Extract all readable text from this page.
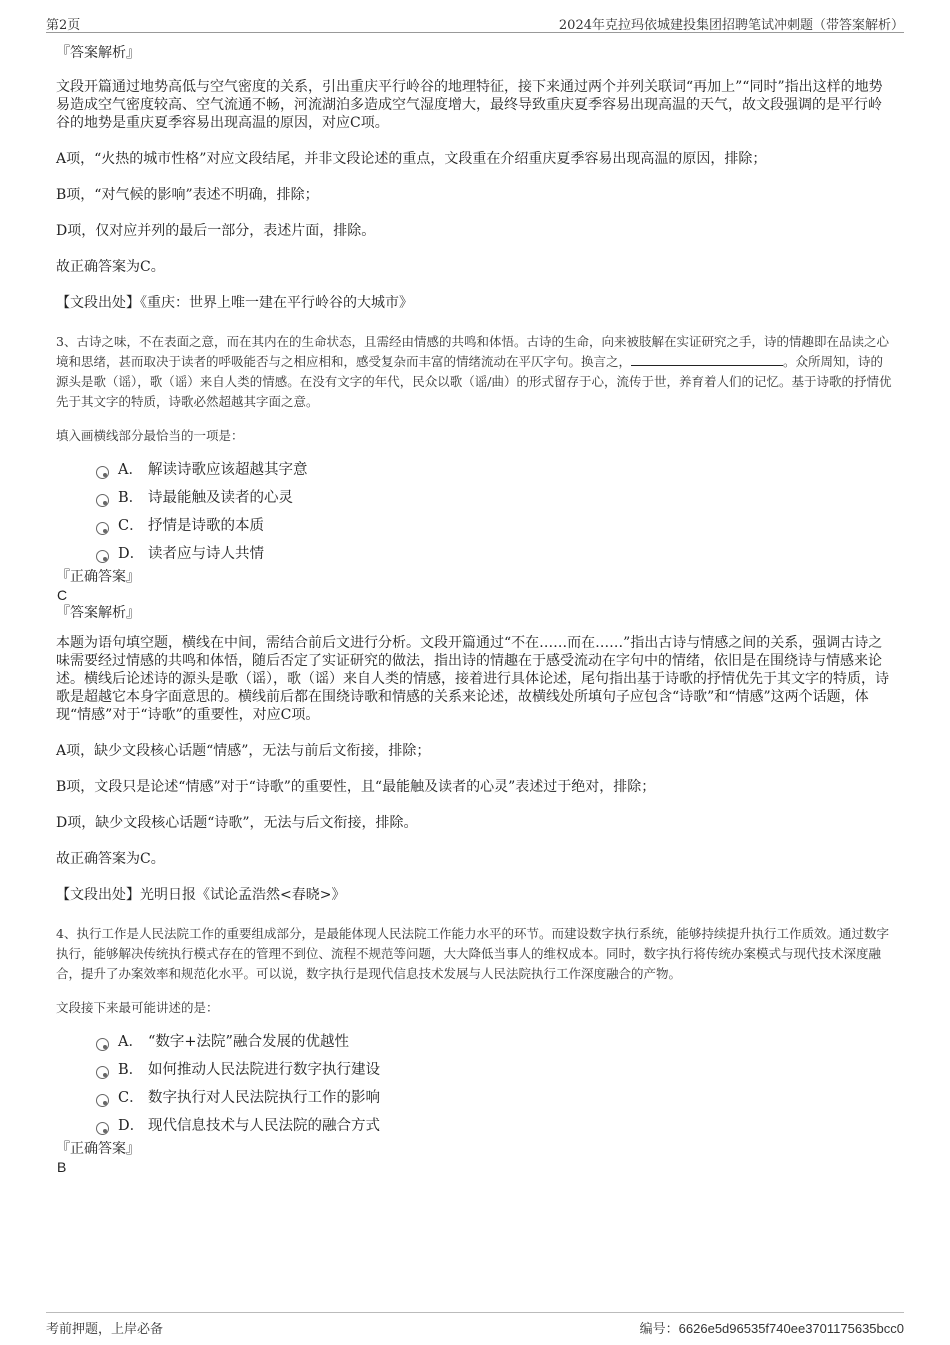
第2页	2024年克拉玛依城建投集团招聘笔试冲刺题（带答案解析）

『答案解析』

文段开篇通过地势高低与空气密度的关系，引出重庆平行岭谷的地理特征，接下来通过两个并列关联词“再加上”“同时”指出这样的地势易造成空气密度较高、空气流通不畅，河流湖泊多造成空气湿度增大，最终导致重庆夏季容易出现高温的天气，故文段强调的是平行岭谷的地势是重庆夏季容易出现高温的原因，对应C项。

A项，“火热的城市性格”对应文段结尾，并非文段论述的重点，文段重在介绍重庆夏季容易出现高温的原因，排除；

B项，“对气候的影响”表述不明确，排除；

D项，仅对应并列的最后一部分，表述片面，排除。

故正确答案为C。

【文段出处】《重庆：世界上唯一建在平行岭谷的大城市》

3、古诗之味，不在表面之意，而在其内在的生命状态，且需经由情感的共鸣和体悟。古诗的生命，向来被肢解在实证研究之手，诗的情趣即在品读之心境和思绪，甚而取决于读者的呼吸能否与之相应相和，感受复杂而丰富的情绪流动在平仄字句。换言之，	。众所周知，诗的源头是歌（谣），歌（谣）来自人类的情感。在没有文字的年代，民众以歌（谣/曲）的形式留存于心，流传于世，养育着人们的记忆。基于诗歌的抒情优先于其文字的特质，诗歌必然超越其字面之意。

填入画横线部分最恰当的一项是：

A． 解读诗歌应该超越其字意
B． 诗最能触及读者的心灵
C． 抒情是诗歌的本质
D． 读者应与诗人共情

『正确答案』

C

『答案解析』

本题为语句填空题，横线在中间，需结合前后文进行分析。文段开篇通过“不在……而在……”指出古诗与情感之间的关系，强调古诗之味需要经过情感的共鸣和体悟，随后否定了实证研究的做法，指出诗的情趣在于感受流动在字句中的情绪，依旧是在围绕诗与情感来论述。横线后论述诗的源头是歌（谣），歌（谣）来自人类的情感，接着进行具体论述，尾句指出基于诗歌的抒情优先于其文字的特质，诗歌是超越它本身字面意思的。横线前后都在围绕诗歌和情感的关系来论述，故横线处所填句子应包含“诗歌”和“情感”这两个话题，体现“情感”对于“诗歌”的重要性，对应C项。

A项，缺少文段核心话题“情感”，无法与前后文衔接，排除；

B项，文段只是论述“情感”对于“诗歌”的重要性，且“最能触及读者的心灵”表述过于绝对，排除；

D项，缺少文段核心话题“诗歌”，无法与后文衔接，排除。

故正确答案为C。

【文段出处】光明日报《试论孟浩然<春晓>》

4、执行工作是人民法院工作的重要组成部分，是最能体现人民法院工作能力水平的环节。而建设数字执行系统，能够持续提升执行工作质效。通过数字执行，能够解决传统执行模式存在的管理不到位、流程不规范等问题，大大降低当事人的维权成本。同时，数字执行将传统办案模式与现代技术深度融合，提升了办案效率和规范化水平。可以说，数字执行是现代信息技术发展与人民法院执行工作深度融合的产物。

文段接下来最可能讲述的是：

A． “数字+法院”融合发展的优越性
B． 如何推动人民法院进行数字执行建设
C． 数字执行对人民法院执行工作的影响
D． 现代信息技术与人民法院的融合方式

『正确答案』

B

考前押题，上岸必备	编号：6626e5d96535f740ee3701175635bcc0
